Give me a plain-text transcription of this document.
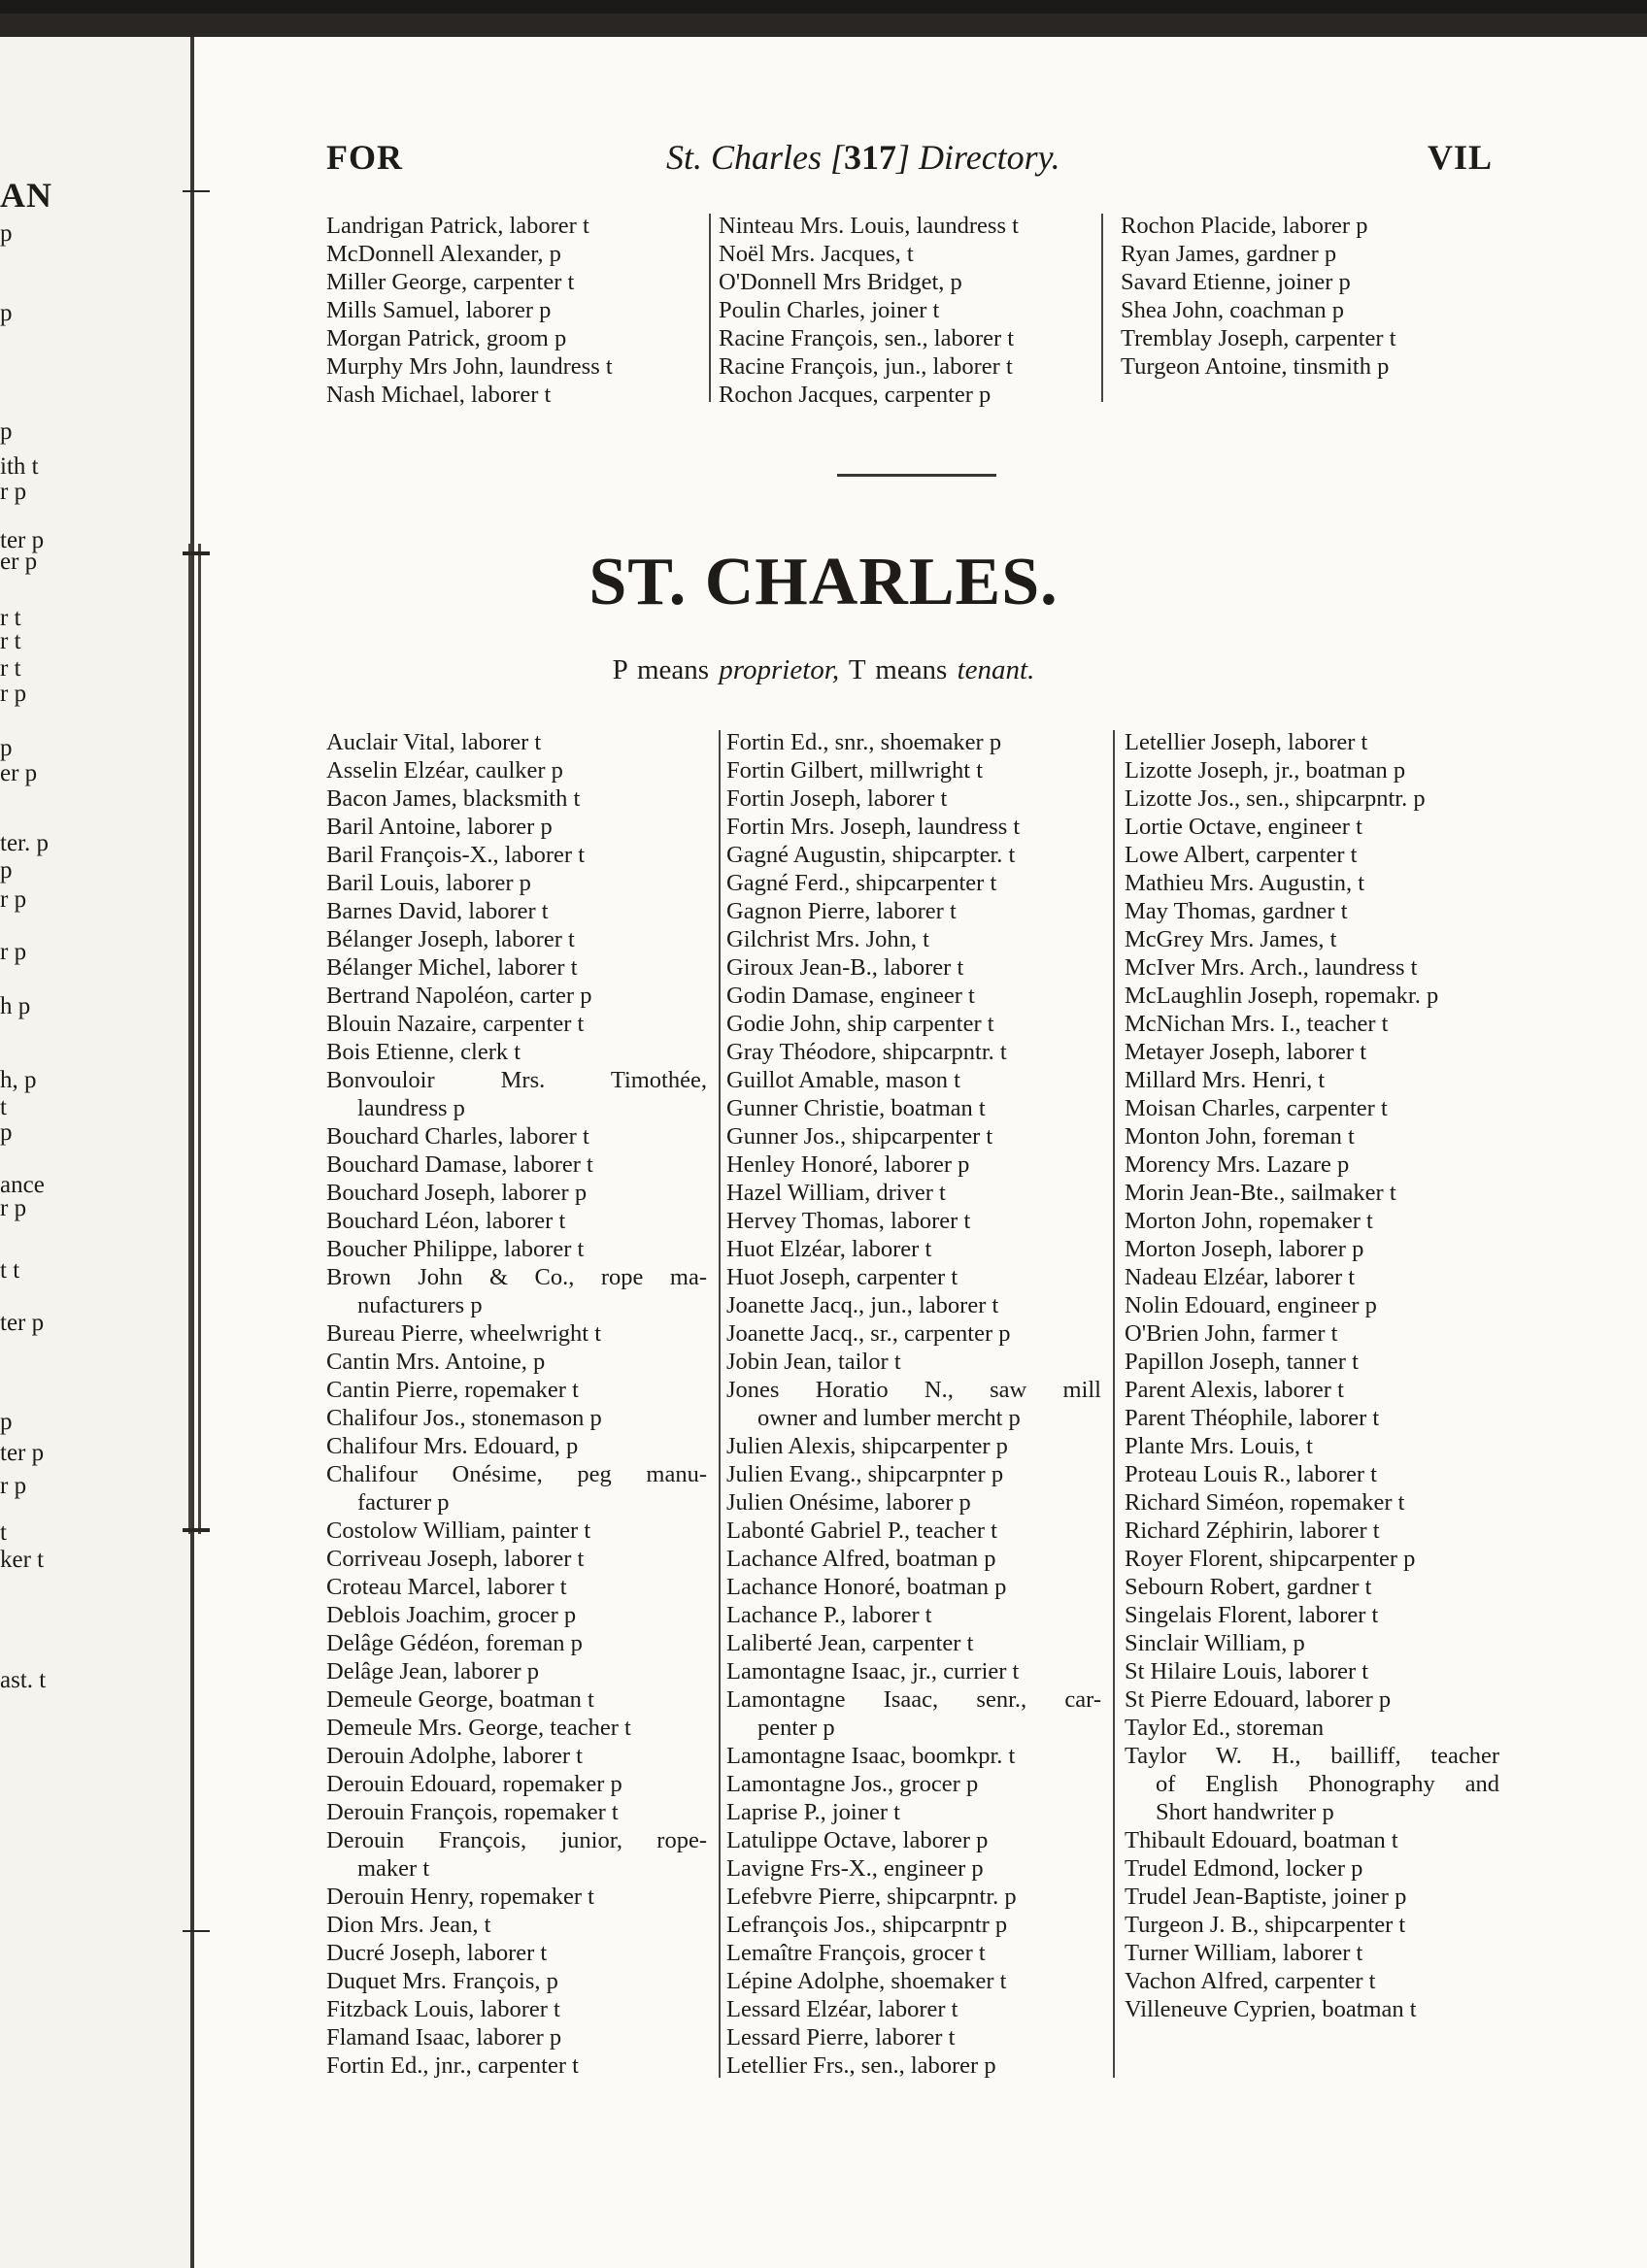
AN
p
p
p
ith t
r p
ter p
er p
r t
r t
r t
r p
p
er p
ter. p
p
r p
r p
h p
h, p
t
p
ance
r p
t t
ter p
p
ter p
r p
t
ker t
ast. t
FOR	St. Charles [317] Directory.	VIL
Landrigan Patrick, laborer t
McDonnell Alexander, p
Miller George, carpenter t
Mills Samuel, laborer p
Morgan Patrick, groom p
Murphy Mrs John, laundress t
Nash Michael, laborer t
Ninteau Mrs. Louis, laundress t
Noël Mrs. Jacques, t
O'Donnell Mrs Bridget, p
Poulin Charles, joiner t
Racine François, sen., laborer t
Racine François, jun., laborer t
Rochon Jacques, carpenter p
Rochon Placide, laborer p
Ryan James, gardner p
Savard Etienne, joiner p
Shea John, coachman p
Tremblay Joseph, carpenter t
Turgeon Antoine, tinsmith p
ST. CHARLES.
P means proprietor, T means tenant.
Auclair Vital, laborer t
Asselin Elzéar, caulker p
Bacon James, blacksmith t
Baril Antoine, laborer p
Baril François-X., laborer t
Baril Louis, laborer p
Barnes David, laborer t
Bélanger Joseph, laborer t
Bélanger Michel, laborer t
Bertrand Napoléon, carter p
Blouin Nazaire, carpenter t
Bois Etienne, clerk t
Bonvouloir Mrs. Timothée,
laundress p
Bouchard Charles, laborer t
Bouchard Damase, laborer t
Bouchard Joseph, laborer p
Bouchard Léon, laborer t
Boucher Philippe, laborer t
Brown John & Co., rope ma-
nufacturers p
Bureau Pierre, wheelwright t
Cantin Mrs. Antoine, p
Cantin Pierre, ropemaker t
Chalifour Jos., stonemason p
Chalifour Mrs. Edouard, p
Chalifour Onésime, peg manu-
facturer p
Costolow William, painter t
Corriveau Joseph, laborer t
Croteau Marcel, laborer t
Deblois Joachim, grocer p
Delâge Gédéon, foreman p
Delâge Jean, laborer p
Demeule George, boatman t
Demeule Mrs. George, teacher t
Derouin Adolphe, laborer t
Derouin Edouard, ropemaker p
Derouin François, ropemaker t
Derouin François, junior, rope-
maker t
Derouin Henry, ropemaker t
Dion Mrs. Jean, t
Ducré Joseph, laborer t
Duquet Mrs. François, p
Fitzback Louis, laborer t
Flamand Isaac, laborer p
Fortin Ed., jnr., carpenter t
Fortin Ed., snr., shoemaker p
Fortin Gilbert, millwright t
Fortin Joseph, laborer t
Fortin Mrs. Joseph, laundress t
Gagné Augustin, shipcarpter. t
Gagné Ferd., shipcarpenter t
Gagnon Pierre, laborer t
Gilchrist Mrs. John, t
Giroux Jean-B., laborer t
Godin Damase, engineer t
Godie John, ship carpenter t
Gray Théodore, shipcarpntr. t
Guillot Amable, mason t
Gunner Christie, boatman t
Gunner Jos., shipcarpenter t
Henley Honoré, laborer p
Hazel William, driver t
Hervey Thomas, laborer t
Huot Elzéar, laborer t
Huot Joseph, carpenter t
Joanette Jacq., jun., laborer t
Joanette Jacq., sr., carpenter p
Jobin Jean, tailor t
Jones Horatio N., saw mill
owner and lumber mercht p
Julien Alexis, shipcarpenter p
Julien Evang., shipcarpnter p
Julien Onésime, laborer p
Labonté Gabriel P., teacher t
Lachance Alfred, boatman p
Lachance Honoré, boatman p
Lachance P., laborer t
Laliberté Jean, carpenter t
Lamontagne Isaac, jr., currier t
Lamontagne Isaac, senr., car-
penter p
Lamontagne Isaac, boomkpr. t
Lamontagne Jos., grocer p
Laprise P., joiner t
Latulippe Octave, laborer p
Lavigne Frs-X., engineer p
Lefebvre Pierre, shipcarpntr. p
Lefrançois Jos., shipcarpntr p
Lemaître François, grocer t
Lépine Adolphe, shoemaker t
Lessard Elzéar, laborer t
Lessard Pierre, laborer t
Letellier Frs., sen., laborer p
Letellier Joseph, laborer t
Lizotte Joseph, jr., boatman p
Lizotte Jos., sen., shipcarpntr. p
Lortie Octave, engineer t
Lowe Albert, carpenter t
Mathieu Mrs. Augustin, t
May Thomas, gardner t
McGrey Mrs. James, t
McIver Mrs. Arch., laundress t
McLaughlin Joseph, ropemakr. p
McNichan Mrs. I., teacher t
Metayer Joseph, laborer t
Millard Mrs. Henri, t
Moisan Charles, carpenter t
Monton John, foreman t
Morency Mrs. Lazare p
Morin Jean-Bte., sailmaker t
Morton John, ropemaker t
Morton Joseph, laborer p
Nadeau Elzéar, laborer t
Nolin Edouard, engineer p
O'Brien John, farmer t
Papillon Joseph, tanner t
Parent Alexis, laborer t
Parent Théophile, laborer t
Plante Mrs. Louis, t
Proteau Louis R., laborer t
Richard Siméon, ropemaker t
Richard Zéphirin, laborer t
Royer Florent, shipcarpenter p
Sebourn Robert, gardner t
Singelais Florent, laborer t
Sinclair William, p
St Hilaire Louis, laborer t
St Pierre Edouard, laborer p
Taylor Ed., storeman
Taylor W. H., bailliff, teacher
of English Phonography and
Short handwriter p
Thibault Edouard, boatman t
Trudel Edmond, locker p
Trudel Jean-Baptiste, joiner p
Turgeon J. B., shipcarpenter t
Turner William, laborer t
Vachon Alfred, carpenter t
Villeneuve Cyprien, boatman t
